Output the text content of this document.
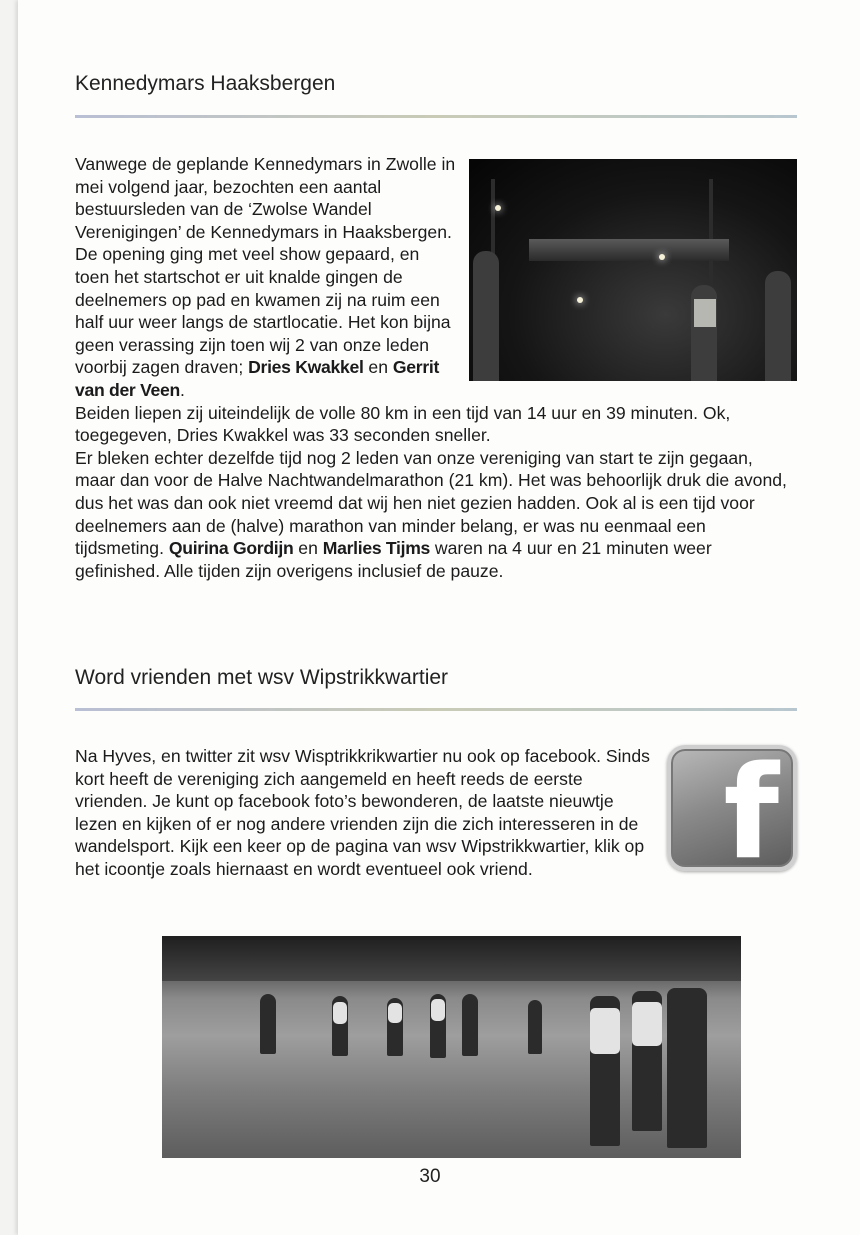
Kennedymars Haaksbergen

Vanwege de geplande Kennedymars in Zwolle in mei volgend jaar, bezochten een aantal bestuursleden van de ‘Zwolse Wandel Verenigingen’ de Kennedymars in Haaksbergen. De opening ging met veel show gepaard, en toen het startschot er uit knalde gingen de deelnemers op pad en kwamen zij na ruim een half uur weer langs de startlocatie. Het kon bijna geen verassing zijn toen wij 2 van onze leden voorbij zagen draven; Dries Kwakkel en Gerrit van der Veen.

Beiden liepen zij uiteindelijk de volle 80 km in een tijd van 14 uur en 39 minuten. Ok, toegegeven, Dries Kwakkel was 33 seconden sneller.

Er bleken echter dezelfde tijd nog 2 leden van onze vereniging van start te zijn gegaan, maar dan voor de Halve Nachtwandelmarathon (21 km). Het was behoorlijk druk die avond, dus het was dan ook niet vreemd dat wij hen niet gezien hadden. Ook al is een tijd voor deelnemers aan de (halve) marathon van minder belang, er was nu eenmaal een tijdsmeting. Quirina Gordijn en Marlies Tijms waren na 4 uur en 21 minuten weer gefinished. Alle tijden zijn overigens inclusief de pauze.

Word vrienden met wsv Wipstrikkwartier
f

Na Hyves, en twitter zit wsv Wisptrikkrikwartier nu ook op facebook. Sinds kort heeft de vereniging zich aangemeld en heeft reeds de eerste vrienden. Je kunt op facebook foto’s bewonderen, de laatste nieuwtje lezen en kijken of er nog andere vrienden zijn die zich interesseren in de wandelsport. Kijk een keer op de pagina van wsv Wipstrikkwartier, klik op het icoontje zoals hiernaast en wordt eventueel ook vriend.

30
